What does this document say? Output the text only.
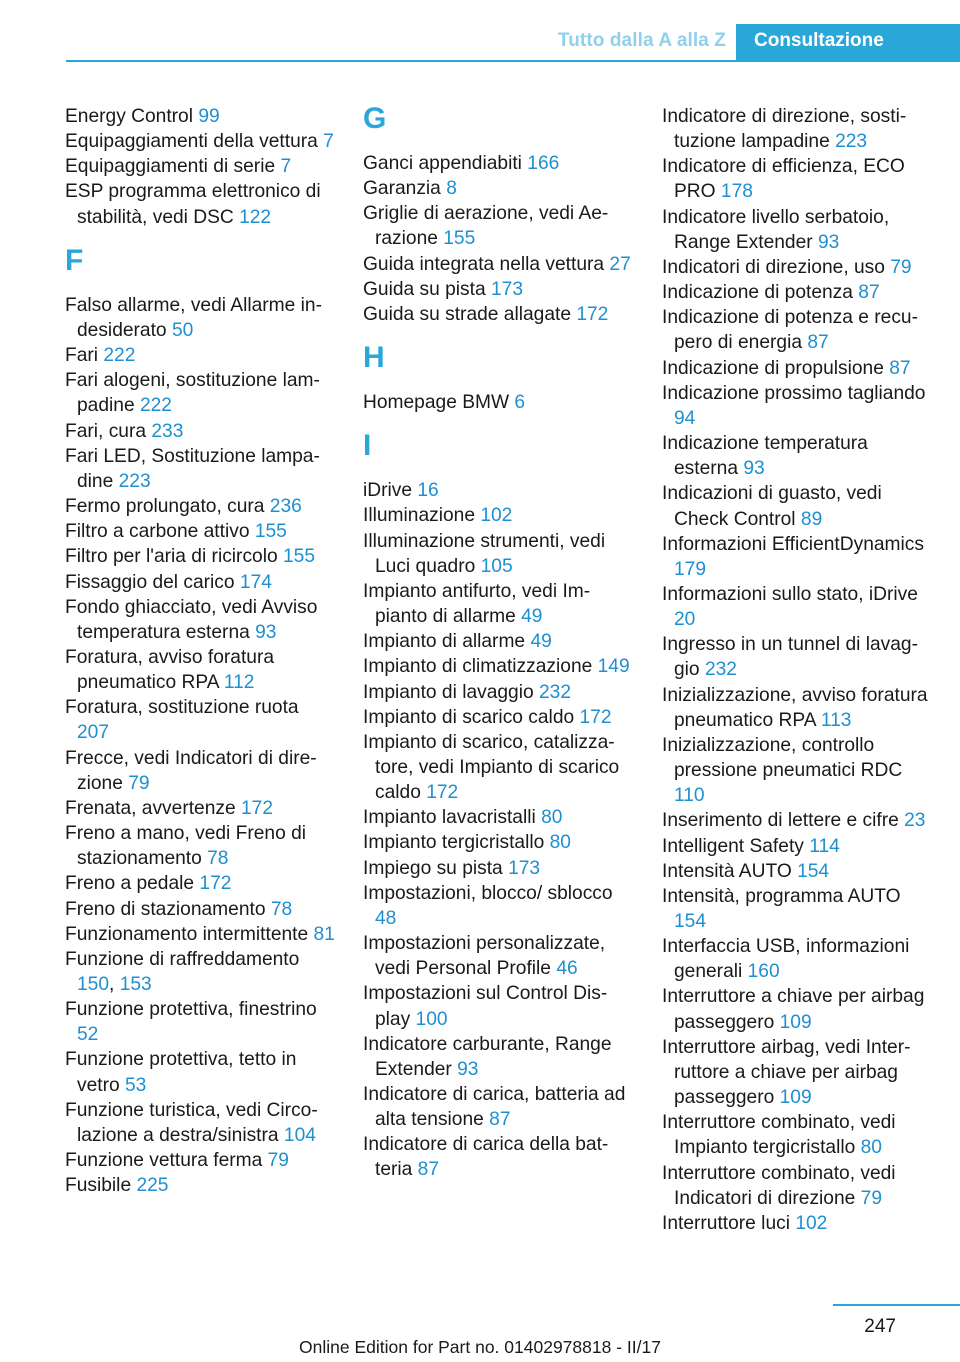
Tutto dalla A alla Z	Consultazione
Energy Control 99
Equipaggiamenti della vettura 7
Equipaggiamenti di serie 7
ESP programma elettronico di stabilità, vedi DSC 122
F
Falso allarme, vedi Allarme indesiderato 50
Fari 222
Fari alogeni, sostituzione lampadine 222
Fari, cura 233
Fari LED, Sostituzione lampadine 223
Fermo prolungato, cura 236
Filtro a carbone attivo 155
Filtro per l'aria di ricircolo 155
Fissaggio del carico 174
Fondo ghiacciato, vedi Avviso temperatura esterna 93
Foratura, avviso foratura pneumatico RPA 112
Foratura, sostituzione ruota 207
Frecce, vedi Indicatori di direzione 79
Frenata, avvertenze 172
Freno a mano, vedi Freno di stazionamento 78
Freno a pedale 172
Freno di stazionamento 78
Funzionamento intermittente 81
Funzione di raffreddamento 150, 153
Funzione protettiva, finestrino 52
Funzione protettiva, tetto in vetro 53
Funzione turistica, vedi Circolazione a destra/sinistra 104
Funzione vettura ferma 79
Fusibile 225
G
Ganci appendiabiti 166
Garanzia 8
Griglie di aerazione, vedi Aerazione 155
Guida integrata nella vettura 27
Guida su pista 173
Guida su strade allagate 172
H
Homepage BMW 6
I
iDrive 16
Illuminazione 102
Illuminazione strumenti, vedi Luci quadro 105
Impianto antifurto, vedi Impianto di allarme 49
Impianto di allarme 49
Impianto di climatizzazione 149
Impianto di lavaggio 232
Impianto di scarico caldo 172
Impianto di scarico, catalizzatore, vedi Impianto di scarico caldo 172
Impianto lavacristalli 80
Impianto tergicristallo 80
Impiego su pista 173
Impostazioni, blocco/ sblocco 48
Impostazioni personalizzate, vedi Personal Profile 46
Impostazioni sul Control Display 100
Indicatore carburante, Range Extender 93
Indicatore di carica, batteria ad alta tensione 87
Indicatore di carica della batteria 87
Indicatore di direzione, sostituzione lampadine 223
Indicatore di efficienza, ECO PRO 178
Indicatore livello serbatoio, Range Extender 93
Indicatori di direzione, uso 79
Indicazione di potenza 87
Indicazione di potenza e recupero di energia 87
Indicazione di propulsione 87
Indicazione prossimo tagliando 94
Indicazione temperatura esterna 93
Indicazioni di guasto, vedi Check Control 89
Informazioni EfficientDynamics 179
Informazioni sullo stato, iDrive 20
Ingresso in un tunnel di lavaggio 232
Inizializzazione, avviso foratura pneumatico RPA 113
Inizializzazione, controllo pressione pneumatici RDC 110
Inserimento di lettere e cifre 23
Intelligent Safety 114
Intensità AUTO 154
Intensità, programma AUTO 154
Interfaccia USB, informazioni generali 160
Interruttore a chiave per airbag passeggero 109
Interruttore airbag, vedi Interruttore a chiave per airbag passeggero 109
Interruttore combinato, vedi Impianto tergicristallo 80
Interruttore combinato, vedi Indicatori di direzione 79
Interruttore luci 102
247
Online Edition for Part no. 01402978818 - II/17
